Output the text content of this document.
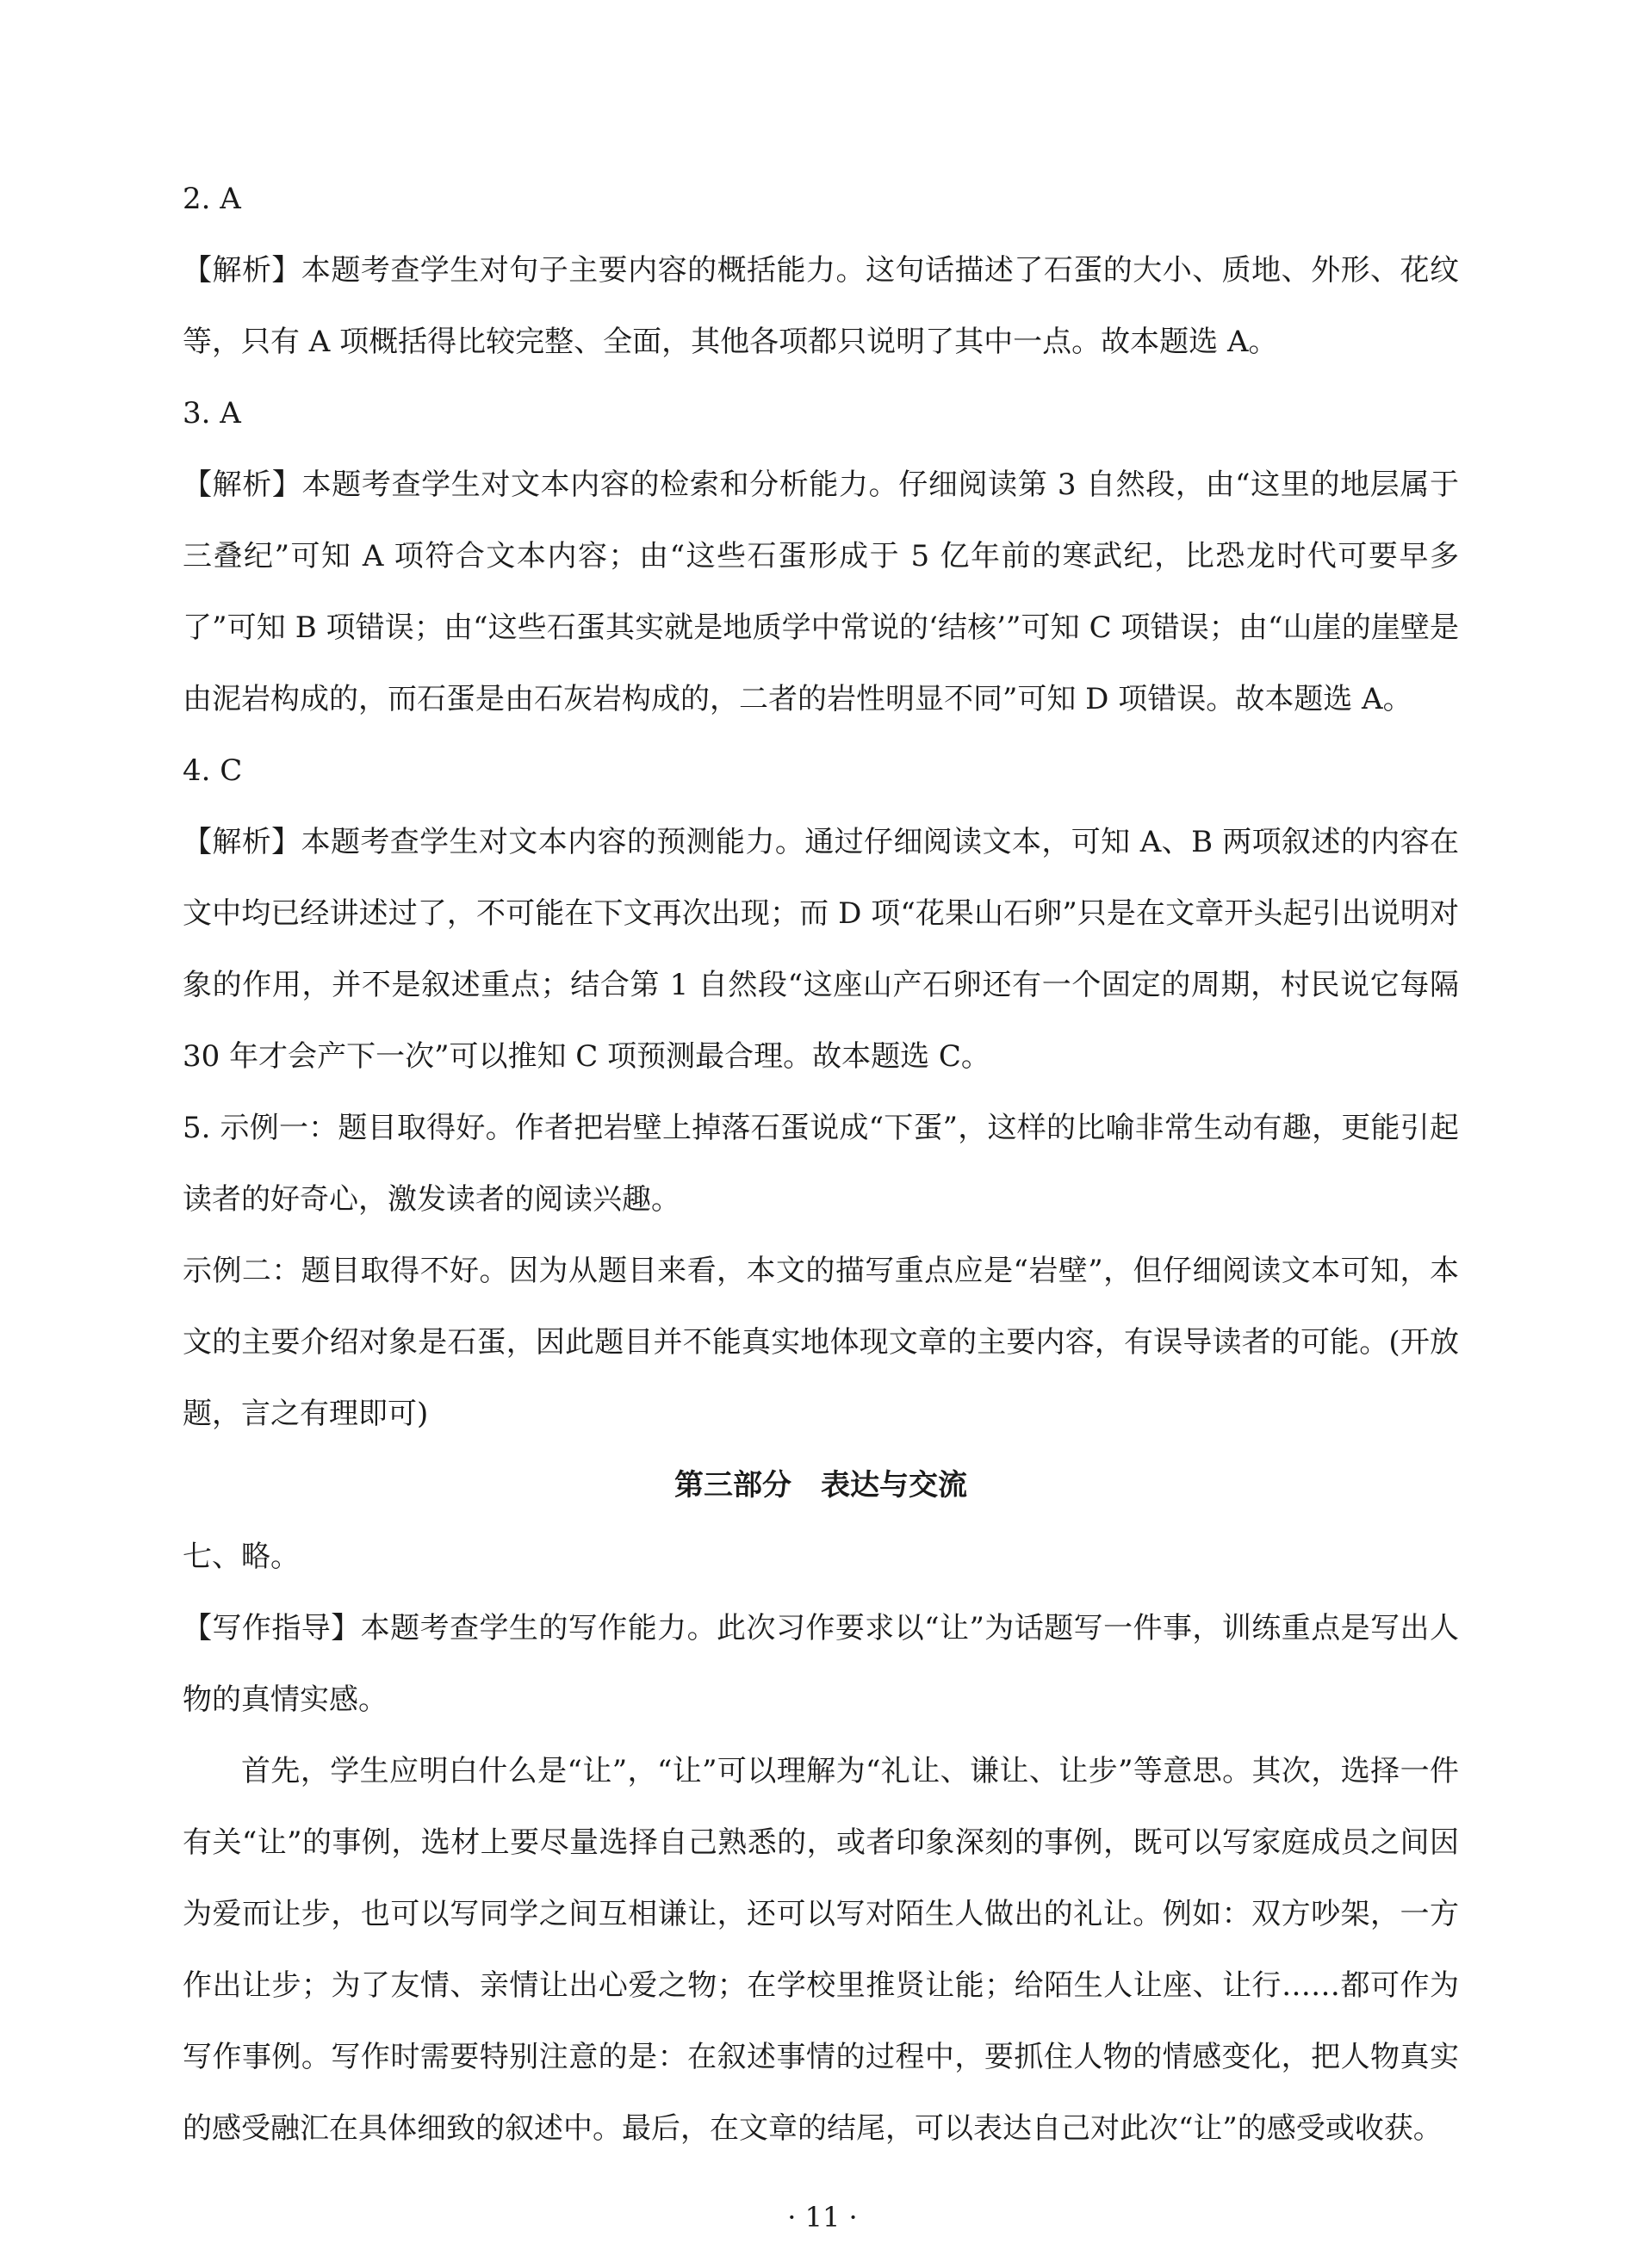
2. A

【解析】本题考查学生对句子主要内容的概括能力。这句话描述了石蛋的大小、质地、外形、花纹等，只有 A 项概括得比较完整、全面，其他各项都只说明了其中一点。故本题选 A。

3. A

【解析】本题考查学生对文本内容的检索和分析能力。仔细阅读第 3 自然段，由“这里的地层属于三叠纪”可知 A 项符合文本内容；由“这些石蛋形成于 5 亿年前的寒武纪，比恐龙时代可要早多了”可知 B 项错误；由“这些石蛋其实就是地质学中常说的‘结核’”可知 C 项错误；由“山崖的崖壁是由泥岩构成的，而石蛋是由石灰岩构成的，二者的岩性明显不同”可知 D 项错误。故本题选 A。

4. C

【解析】本题考查学生对文本内容的预测能力。通过仔细阅读文本，可知 A、B 两项叙述的内容在文中均已经讲述过了，不可能在下文再次出现；而 D 项“花果山石卵”只是在文章开头起引出说明对象的作用，并不是叙述重点；结合第 1 自然段“这座山产石卵还有一个固定的周期，村民说它每隔 30 年才会产下一次”可以推知 C 项预测最合理。故本题选 C。

5. 示例一：题目取得好。作者把岩壁上掉落石蛋说成“下蛋”，这样的比喻非常生动有趣，更能引起读者的好奇心，激发读者的阅读兴趣。

示例二：题目取得不好。因为从题目来看，本文的描写重点应是“岩壁”，但仔细阅读文本可知，本文的主要介绍对象是石蛋，因此题目并不能真实地体现文章的主要内容，有误导读者的可能。(开放题，言之有理即可)

第三部分　表达与交流

七、略。

【写作指导】本题考查学生的写作能力。此次习作要求以“让”为话题写一件事，训练重点是写出人物的真情实感。

首先，学生应明白什么是“让”，“让”可以理解为“礼让、谦让、让步”等意思。其次，选择一件有关“让”的事例，选材上要尽量选择自己熟悉的，或者印象深刻的事例，既可以写家庭成员之间因为爱而让步，也可以写同学之间互相谦让，还可以写对陌生人做出的礼让。例如：双方吵架，一方作出让步；为了友情、亲情让出心爱之物；在学校里推贤让能；给陌生人让座、让行……都可作为写作事例。写作时需要特别注意的是：在叙述事情的过程中，要抓住人物的情感变化，把人物真实的感受融汇在具体细致的叙述中。最后，在文章的结尾，可以表达自己对此次“让”的感受或收获。

· 11 ·
